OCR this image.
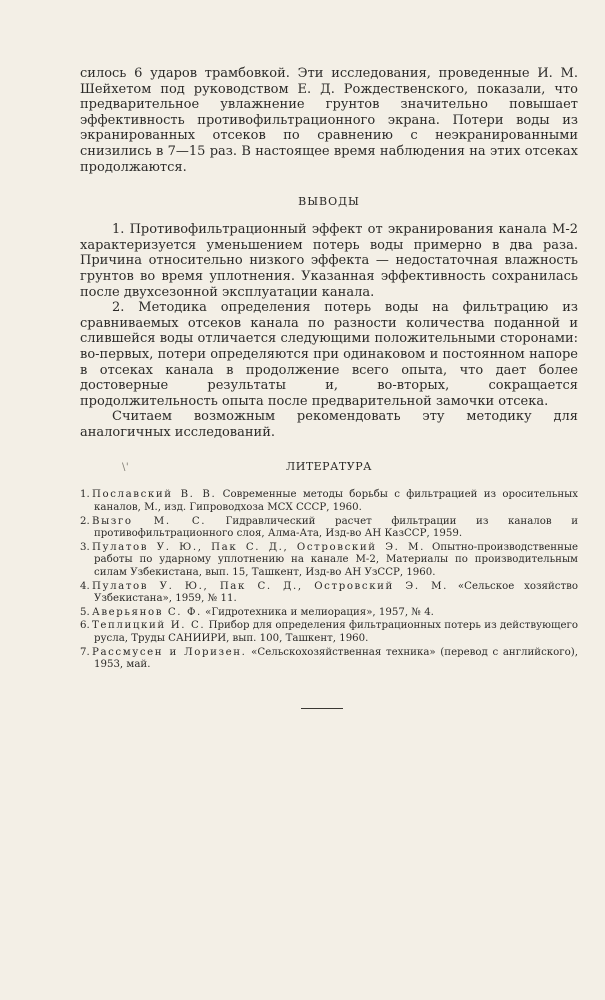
силось 6 ударов трамбовкой. Эти исследования, проведенные И. М. Шейхетом под руководством Е. Д. Рождественского, показали, что предварительное увлажнение грунтов значительно повышает эффективность противофильтрационного экрана. Потери воды из экранированных отсеков по сравнению с неэкранированными снизились в 7—15 раз. В настоящее время наблюдения на этих отсеках продолжаются.

ВЫВОДЫ

1. Противофильтрационный эффект от экранирования канала М-2 характеризуется уменьшением потерь воды примерно в два раза. Причина относительно низкого эффекта — недостаточная влажность грунтов во время уплотнения. Указанная эффективность сохранилась после двухсезонной эксплуатации канала.

2. Методика определения потерь воды на фильтрацию из сравниваемых отсеков канала по разности количества поданной и слившейся воды отличается следующими положительными сторонами: во-первых, потери определяются при одинаковом и постоянном напоре в отсеках канала в продолжение всего опыта, что дает более достоверные результаты и, во-вторых, сокращается продолжительность опыта после предварительной замочки отсека.

Считаем возможным рекомендовать эту методику для аналогичных исследований.

\'	ЛИТЕРАТУРА
1. Пославский В. В. Современные методы борьбы с фильтрацией из оросительных каналов, М., изд. Гипроводхоза МСХ СССР, 1960.
2. Вызго М. С. Гидравлический расчет фильтрации из каналов и противофильтрационного слоя, Алма-Ата, Изд-во АН КазССР, 1959.
3. Пулатов У. Ю., Пак С. Д., Островский Э. М. Опытно-производственные работы по ударному уплотнению на канале М-2, Материалы по производительным силам Узбекистана, вып. 15, Ташкент, Изд-во АН УзССР, 1960.
4. Пулатов У. Ю., Пак С. Д., Островский Э. М. «Сельское хозяйство Узбекистана», 1959, № 11.
5. Аверьянов С. Ф. «Гидротехника и мелиорация», 1957, № 4.
6. Теплицкий И. С. Прибор для определения фильтрационных потерь из действующего русла, Труды САНИИРИ, вып. 100, Ташкент, 1960.
7. Рассмусен и Лоризен. «Сельскохозяйственная техника» (перевод с английского), 1953, май.
